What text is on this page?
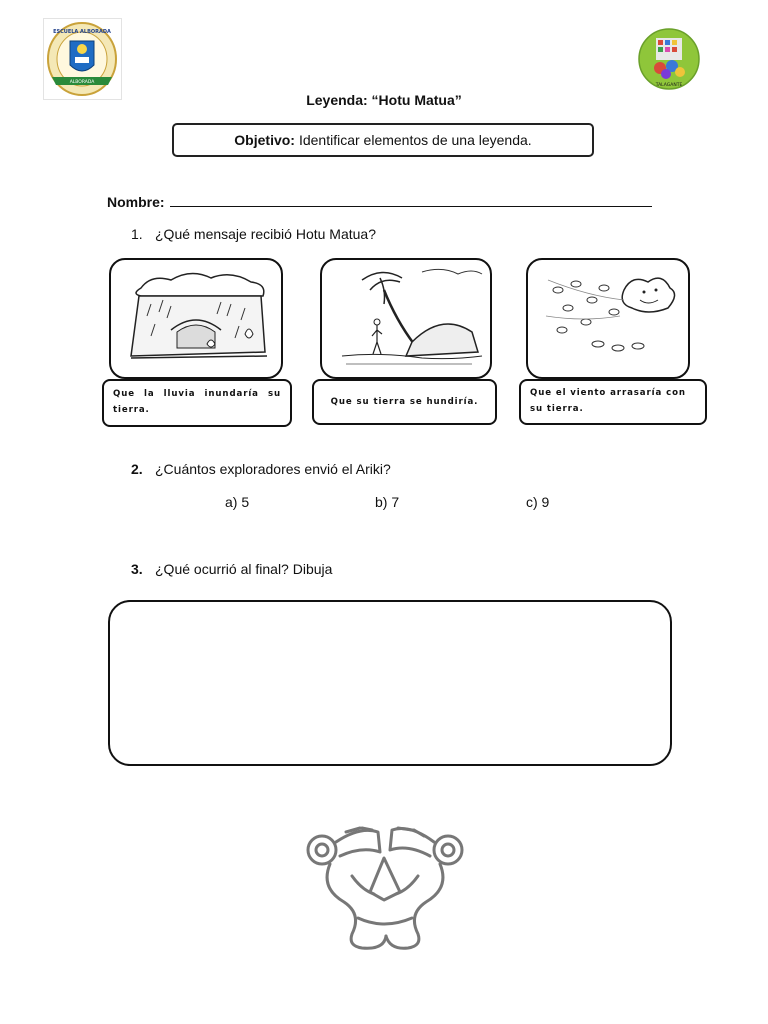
ALBORADA
ESCUELA ALBORADA
TALAGANTE
Leyenda: “Hotu Matua”
Objetivo: Identificar elementos de una leyenda.
Nombre:
1. ¿Qué mensaje recibió Hotu Matua?
Que la lluvia inundaría su tierra.
Que su tierra se hundiría.
Que el viento arrasaría con su tierra.
2. ¿Cuántos exploradores envió el Ariki?
a) 5	b) 7	c) 9
3. ¿Qué ocurrió al final? Dibuja
